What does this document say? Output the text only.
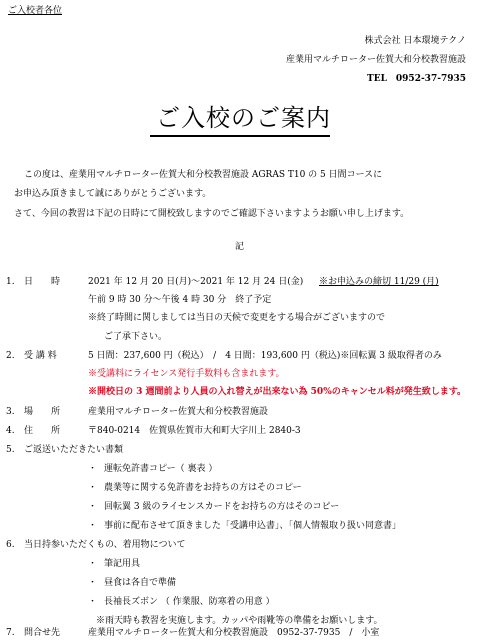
ご入校者各位
株式会社 日本環境テクノ
産業用マルチローター佐賀大和分校教習施設
TEL　0952-37-7935
ご入校のご案内
この度は、産業用マルチローター佐賀大和分校教習施設 AGRAS T10 の 5 日間コースに
お申込み頂きまして誠にありがとうございます。
さて、今回の教習は下記の日時にて開校致しますのでご確認下さいますようお願い申し上げます。
記
1. 日　　時	2021 年 12 月 20 日(月)～2021 年 12 月 24 日(金) ※お申込みの締切 11/29 (月)
午前 9 時 30 分～午後 4 時 30 分　終了予定
※終了時間に関しましては当日の天候で変更をする場合がございますので
ご了承下さい。
2. 受 講 料	5 日間：237,600 円（税込）　/　4 日間：193,600 円（税込)※回転翼 3 級取得者のみ
※受講料にライセンス発行手数料も含まれます。
※開校日の 3 週間前より人員の入れ替えが出来ない為 50%のキャンセル料が発生致します。
3. 場　　所	産業用マルチローター佐賀大和分校教習施設
4. 住　　所	〒840-0214　佐賀県佐賀市大和町大字川上 2840-3
5. ご返送いただきたい書類
・ 運転免許書コピー（ 裏表 ）
・ 農業等に関する免許書をお持ちの方はそのコピー
・ 回転翼 3 級のライセンスカードをお持ちの方はそのコピー
・ 事前に配布させて頂きました「受講申込書」、「個人情報取り扱い同意書」
6. 当日持参いただくもの、着用物について
・ 筆記用具
・ 昼食は各自で準備
・ 長袖長ズボン （ 作業服、防寒着の用意 ）
※雨天時も教習を実施します。カッパや雨靴等の準備をお願いします。
7. 問合せ先	産業用マルチローター佐賀大和分校教習施設　0952-37-7935　/　小室
